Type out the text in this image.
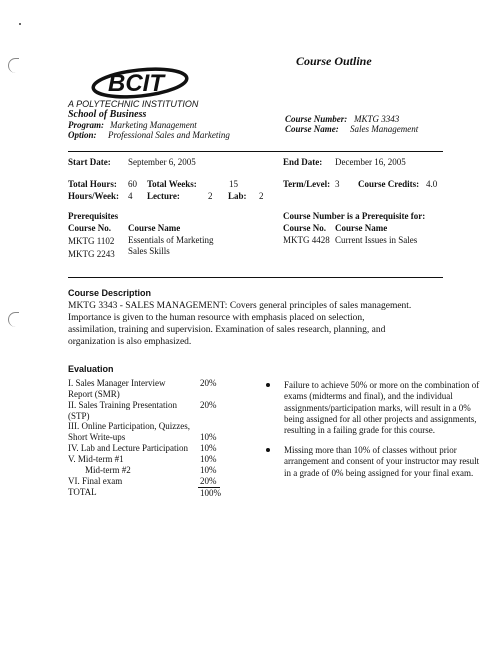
BCIT
A POLYTECHNIC INSTITUTION
School of Business
Program: Marketing Management
Option: Professional Sales and Marketing
Course Outline
Course Number: MKTG 3343
Course Name: Sales Management
Start Date: September 6, 2005	End Date: December 16, 2005
Total Hours: 60 Total Weeks:	15	Term/Level: 3 Course Credits: 4.0
Hours/Week: 4 Lecture:	2 Lab: 2
Prerequisites
Course No. Course Name
MKTG 1102 Essentials of Marketing
MKTG 2243 Sales Skills
Course Number is a Prerequisite for:
Course No. Course Name
MKTG 4428 Current Issues in Sales
Course Description
MKTG 3343 - SALES MANAGEMENT: Covers general principles of sales management. Importance is given to the human resource with emphasis placed on selection, assimilation, training and supervision. Examination of sales research, planning, and organization is also emphasized.
Evaluation
I. Sales Manager Interview
Report (SMR)
20%
II. Sales Training Presentation
(STP)
20%
III. Online Participation, Quizzes,
Short Write-ups	10%
IV. Lab and Lecture Participation 10%
V. Mid-term #1	10%
Mid-term #2	10%
VI. Final exam	20%
TOTAL	100%
Failure to achieve 50% or more on the combination of exams (midterms and final), and the individual assignments/participation marks, will result in a 0% being assigned for all other projects and assignments, resulting in a failing grade for this course.
Missing more than 10% of classes without prior arrangement and consent of your instructor may result in a grade of 0% being assigned for your final exam.
